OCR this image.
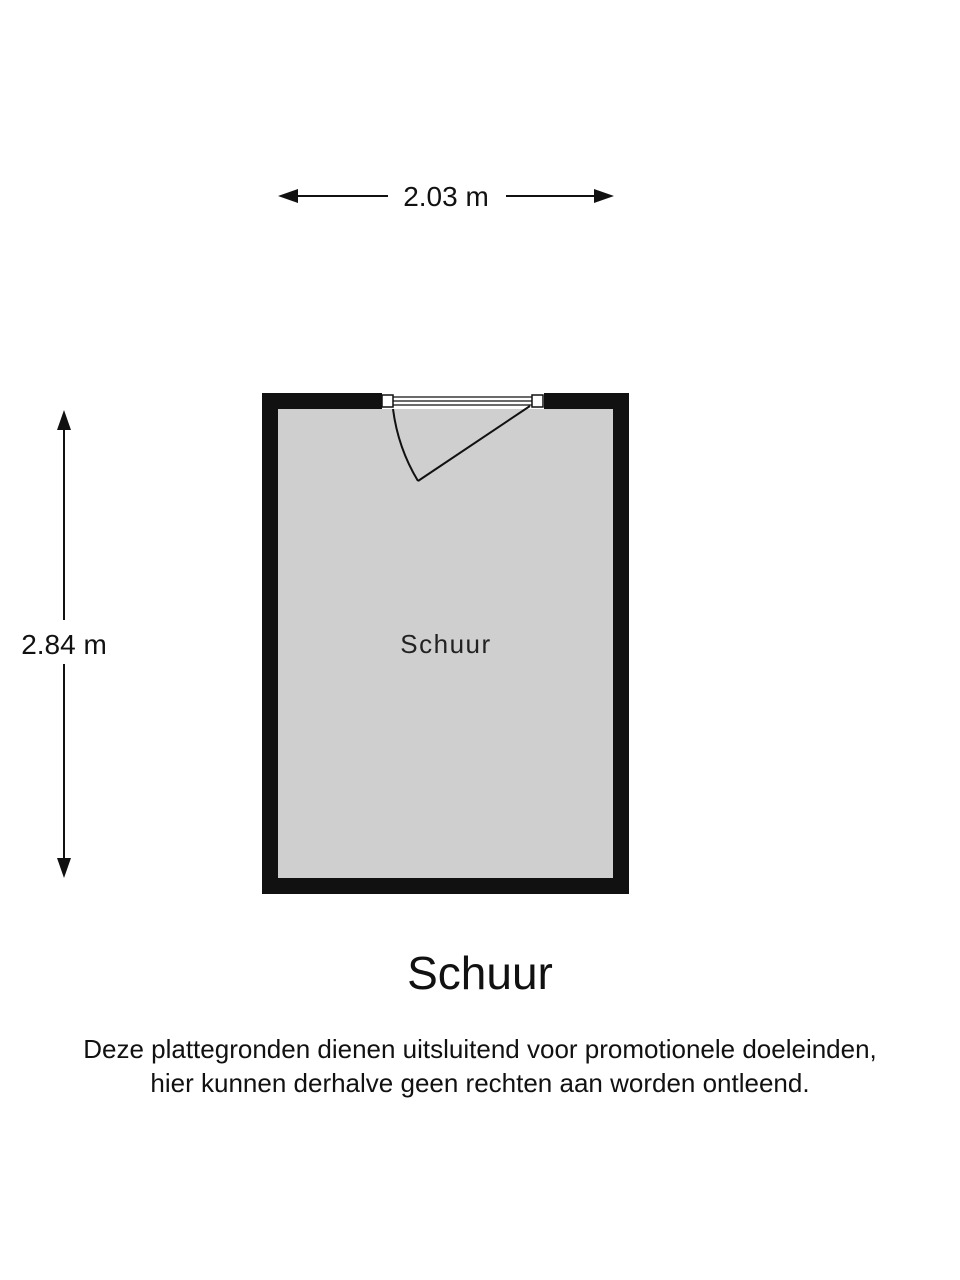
2.03 m
2.84 m	Schuur
Schuur
Deze plattegronden dienen uitsluitend voor promotionele doeleinden,
hier kunnen derhalve geen rechten aan worden ontleend.
